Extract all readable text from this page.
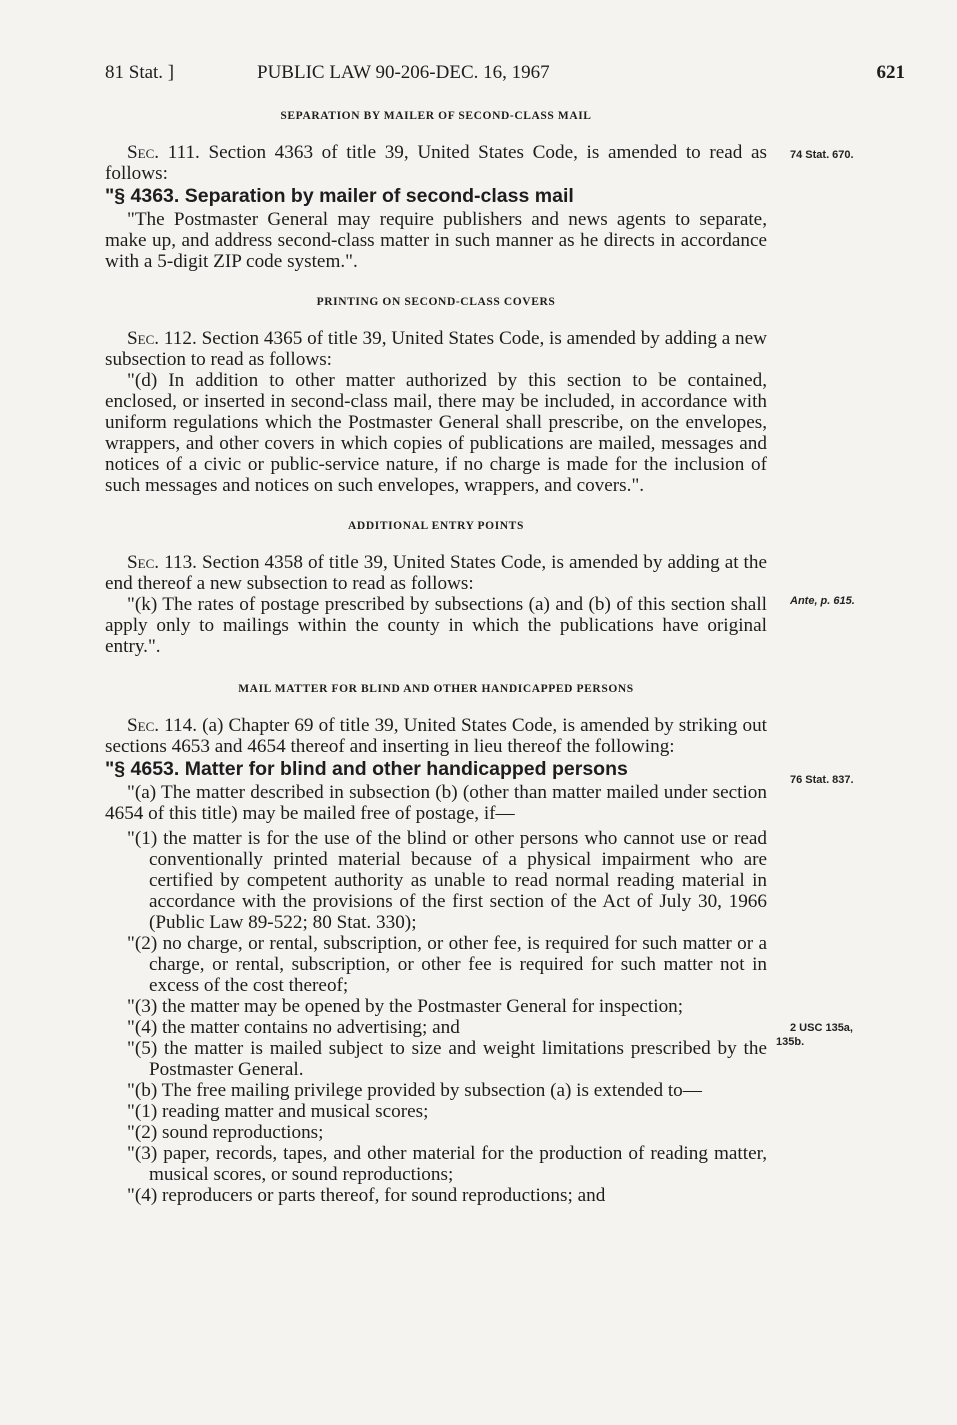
81 Stat. ]	PUBLIC LAW 90-206-DEC. 16, 1967	621
SEPARATION BY MAILER OF SECOND-CLASS MAIL

Sec. 111. Section 4363 of title 39, United States Code, is amended to read as follows:

"§ 4363. Separation by mailer of second-class mail

"The Postmaster General may require publishers and news agents to separate, make up, and address second-class matter in such manner as he directs in accordance with a 5-digit ZIP code system.".

PRINTING ON SECOND-CLASS COVERS

Sec. 112. Section 4365 of title 39, United States Code, is amended by adding a new subsection to read as follows:

"(d) In addition to other matter authorized by this section to be contained, enclosed, or inserted in second-class mail, there may be included, in accordance with uniform regulations which the Postmaster General shall prescribe, on the envelopes, wrappers, and other covers in which copies of publications are mailed, messages and notices of a civic or public-service nature, if no charge is made for the inclusion of such messages and notices on such envelopes, wrappers, and covers.".

ADDITIONAL ENTRY POINTS

Sec. 113. Section 4358 of title 39, United States Code, is amended by adding at the end thereof a new subsection to read as follows:

"(k) The rates of postage prescribed by subsections (a) and (b) of this section shall apply only to mailings within the county in which the publications have original entry.".

MAIL MATTER FOR BLIND AND OTHER HANDICAPPED PERSONS

Sec. 114. (a) Chapter 69 of title 39, United States Code, is amended by striking out sections 4653 and 4654 thereof and inserting in lieu thereof the following:

"§ 4653. Matter for blind and other handicapped persons

"(a) The matter described in subsection (b) (other than matter mailed under section 4654 of this title) may be mailed free of postage, if—

"(1) the matter is for the use of the blind or other persons who cannot use or read conventionally printed material because of a physical impairment who are certified by competent authority as unable to read normal reading material in accordance with the provisions of the first section of the Act of July 30, 1966 (Public Law 89-522; 80 Stat. 330);

"(2) no charge, or rental, subscription, or other fee, is required for such matter or a charge, or rental, subscription, or other fee is required for such matter not in excess of the cost thereof;

"(3) the matter may be opened by the Postmaster General for inspection;

"(4) the matter contains no advertising; and

"(5) the matter is mailed subject to size and weight limitations prescribed by the Postmaster General.

"(b) The free mailing privilege provided by subsection (a) is extended to—

"(1) reading matter and musical scores;

"(2) sound reproductions;

"(3) paper, records, tapes, and other material for the production of reading matter, musical scores, or sound reproductions;

"(4) reproducers or parts thereof, for sound reproductions; and

74 Stat. 670.
Ante, p. 615.
76 Stat. 837.
2 USC 135a,
135b.
